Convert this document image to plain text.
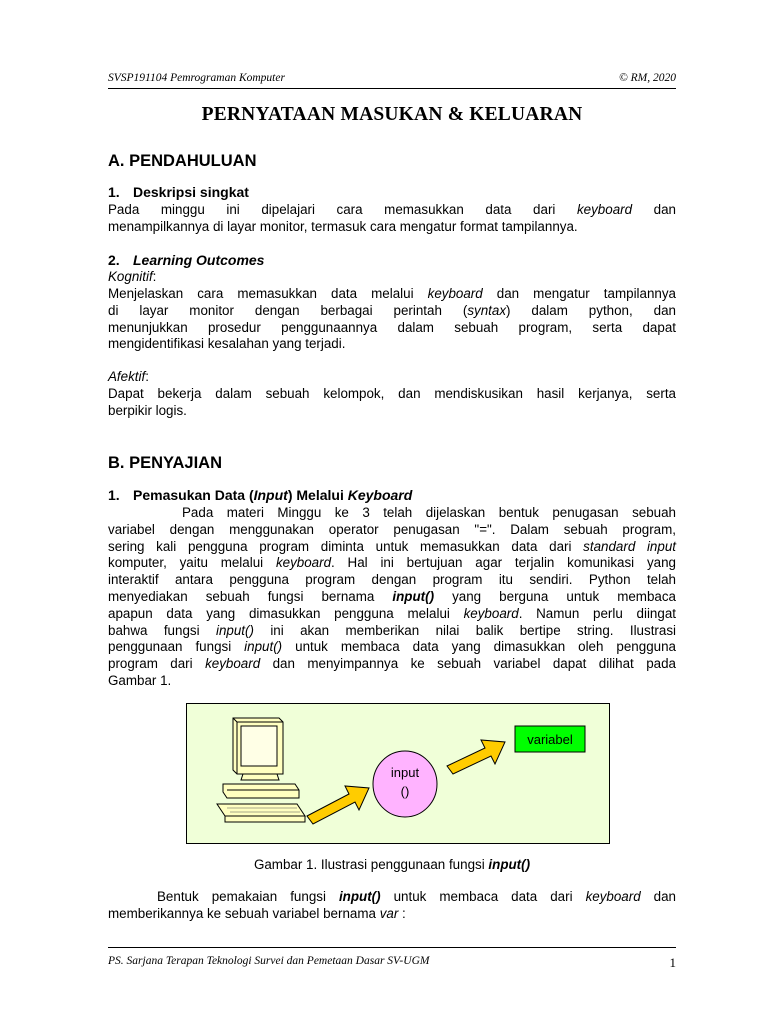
SVSP191104 Pemrograman Komputer	© RM, 2020
PERNYATAAN MASUKAN & KELUARAN
A. PENDAHULUAN
1. Deskripsi singkat
Pada minggu ini dipelajari cara memasukkan data dari keyboard dan
menampilkannya di layar monitor, termasuk cara mengatur format tampilannya.
2. Learning Outcomes
Kognitif:
Menjelaskan cara memasukkan data melalui keyboard dan mengatur tampilannya
di layar monitor dengan berbagai perintah (syntax) dalam python, dan
menunjukkan prosedur penggunaannya dalam sebuah program, serta dapat
mengidentifikasi kesalahan yang terjadi.
Afektif:
Dapat bekerja dalam sebuah kelompok, dan mendiskusikan hasil kerjanya, serta
berpikir logis.
B. PENYAJIAN
1. Pemasukan Data (Input) Melalui Keyboard
Pada materi Minggu ke 3 telah dijelaskan bentuk penugasan sebuah
variabel dengan menggunakan operator penugasan "=". Dalam sebuah program,
sering kali pengguna program diminta untuk memasukkan data dari standard input
komputer, yaitu melalui keyboard. Hal ini bertujuan agar terjalin komunikasi yang
interaktif antara pengguna program dengan program itu sendiri. Python telah
menyediakan sebuah fungsi bernama input() yang berguna untuk membaca
apapun data yang dimasukkan pengguna melalui keyboard. Namun perlu diingat
bahwa fungsi input() ini akan memberikan nilai balik bertipe string. Ilustrasi
penggunaan fungsi input() untuk membaca data yang dimasukkan oleh pengguna
program dari keyboard dan menyimpannya ke sebuah variabel dapat dilihat pada
Gambar 1.
input
()
variabel
Gambar 1. Ilustrasi penggunaan fungsi input()
Bentuk pemakaian fungsi input() untuk membaca data dari keyboard dan
memberikannya ke sebuah variabel bernama var :
PS. Sarjana Terapan Teknologi Survei dan Pemetaan Dasar SV-UGM	1
